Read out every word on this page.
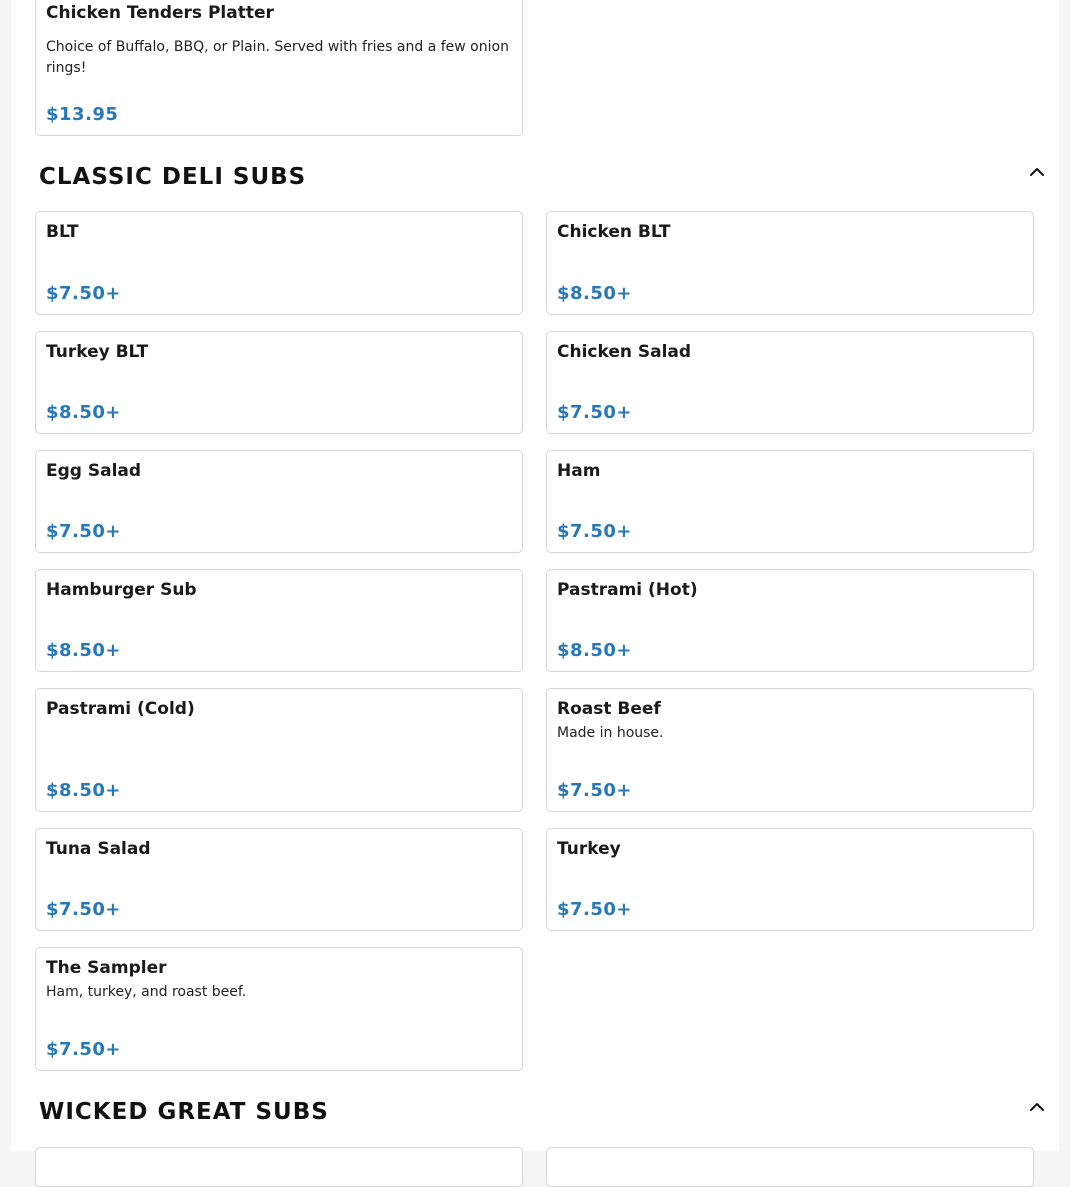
Chicken Tenders Platter
Choice of Buffalo, BBQ, or Plain. Served with fries and a few onion rings!
$13.95
CLASSIC DELI SUBS
BLT
$7.50+
Chicken BLT
$8.50+
Turkey BLT
$8.50+
Chicken Salad
$7.50+
Egg Salad
$7.50+
Ham
$7.50+
Hamburger Sub
$8.50+
Pastrami (Hot)
$8.50+
Pastrami (Cold)
$8.50+
Roast Beef
Made in house.
$7.50+
Tuna Salad
$7.50+
Turkey
$7.50+
The Sampler
Ham, turkey, and roast beef.
$7.50+
WICKED GREAT SUBS
